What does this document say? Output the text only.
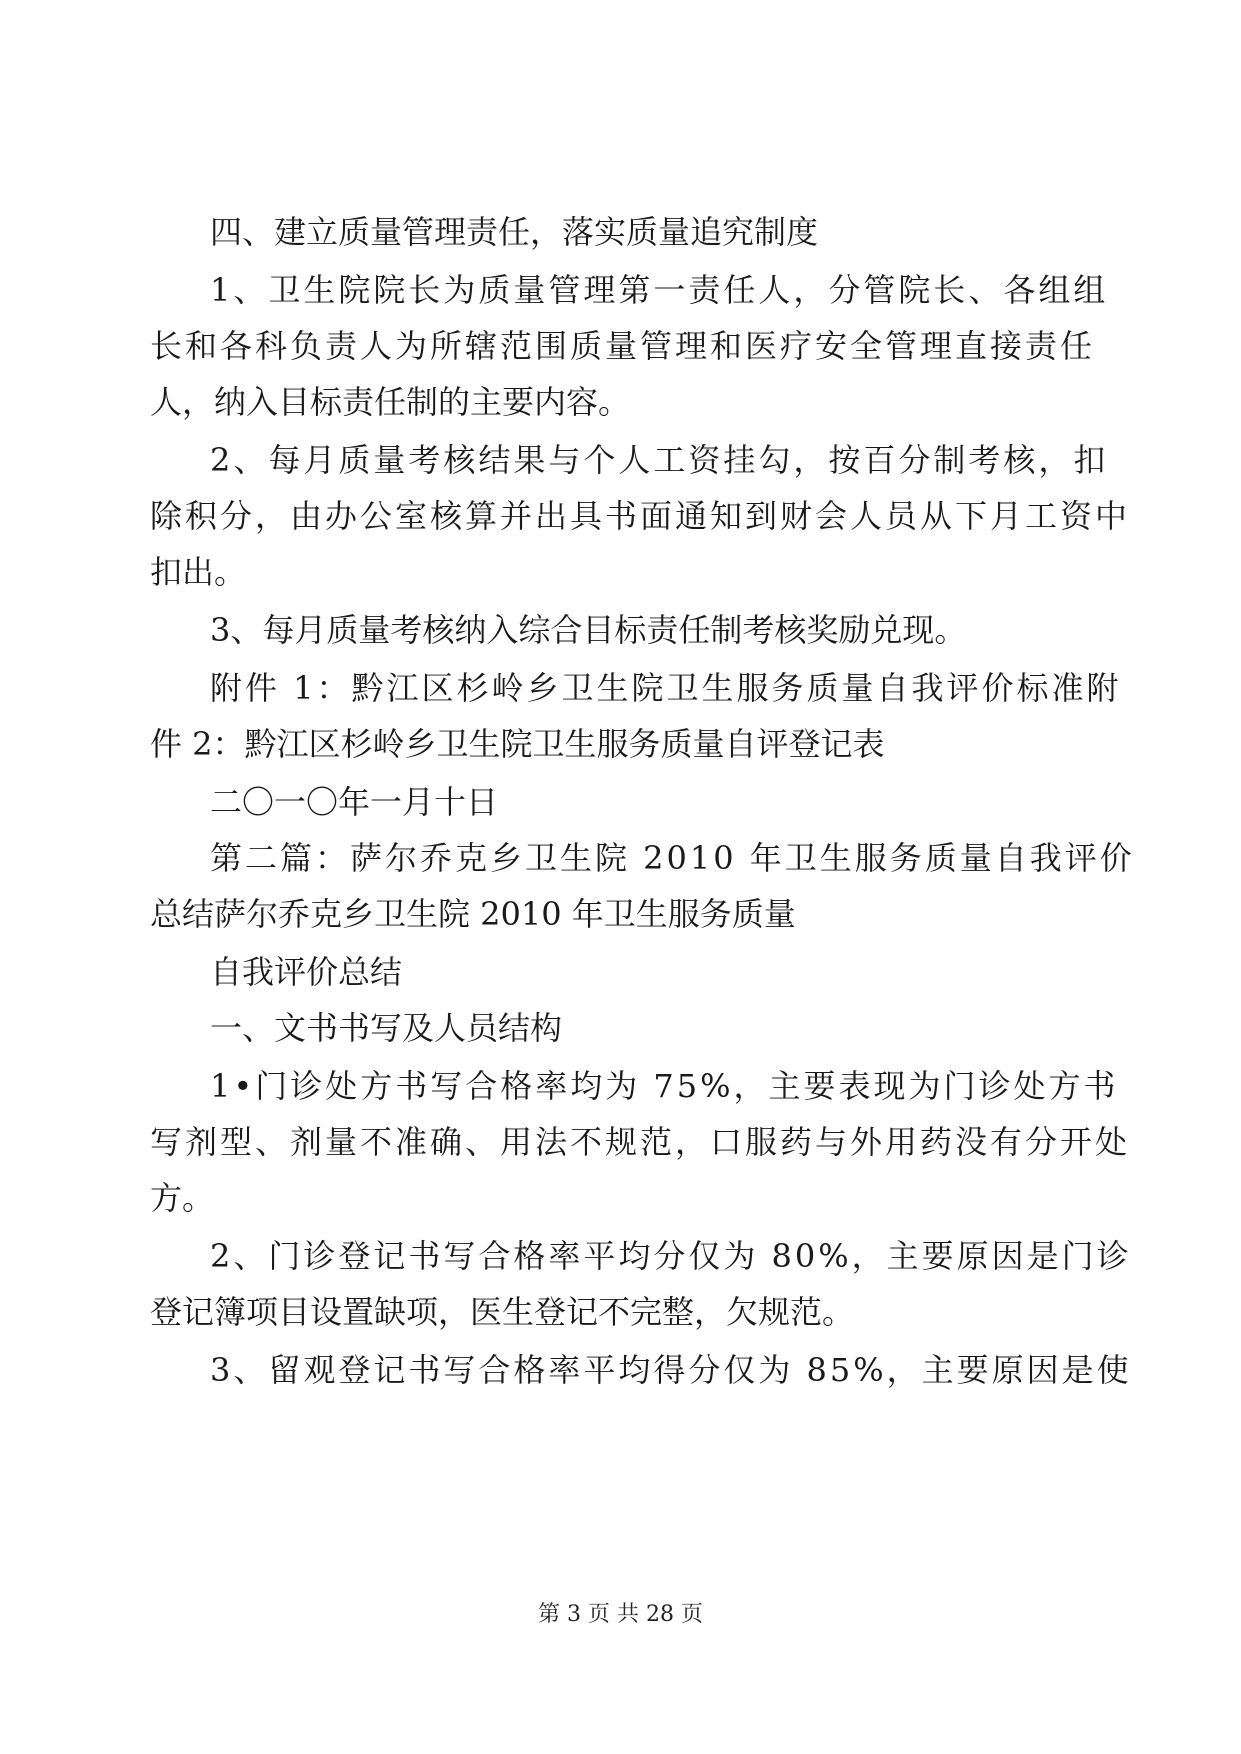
四、建立质量管理责任，落实质量追究制度

1、卫生院院长为质量管理第一责任人，分管院长、各组组

长和各科负责人为所辖范围质量管理和医疗安全管理直接责任

人，纳入目标责任制的主要内容。

2、每月质量考核结果与个人工资挂勾，按百分制考核，扣

除积分，由办公室核算并出具书面通知到财会人员从下月工资中

扣出。

3、每月质量考核纳入综合目标责任制考核奖励兑现。

附件 1：黔江区杉岭乡卫生院卫生服务质量自我评价标准附

件 2：黔江区杉岭乡卫生院卫生服务质量自评登记表

二〇一〇年一月十日

第二篇：萨尔乔克乡卫生院 2010 年卫生服务质量自我评价

总结萨尔乔克乡卫生院 2010 年卫生服务质量

自我评价总结

一、文书书写及人员结构

1•门诊处方书写合格率均为 75%，主要表现为门诊处方书

写剂型、剂量不准确、用法不规范，口服药与外用药没有分开处

方。

2、门诊登记书写合格率平均分仅为 80%，主要原因是门诊

登记簿项目设置缺项，医生登记不完整，欠规范。

3、留观登记书写合格率平均得分仅为 85%，主要原因是使

第 3 页 共 28 页
